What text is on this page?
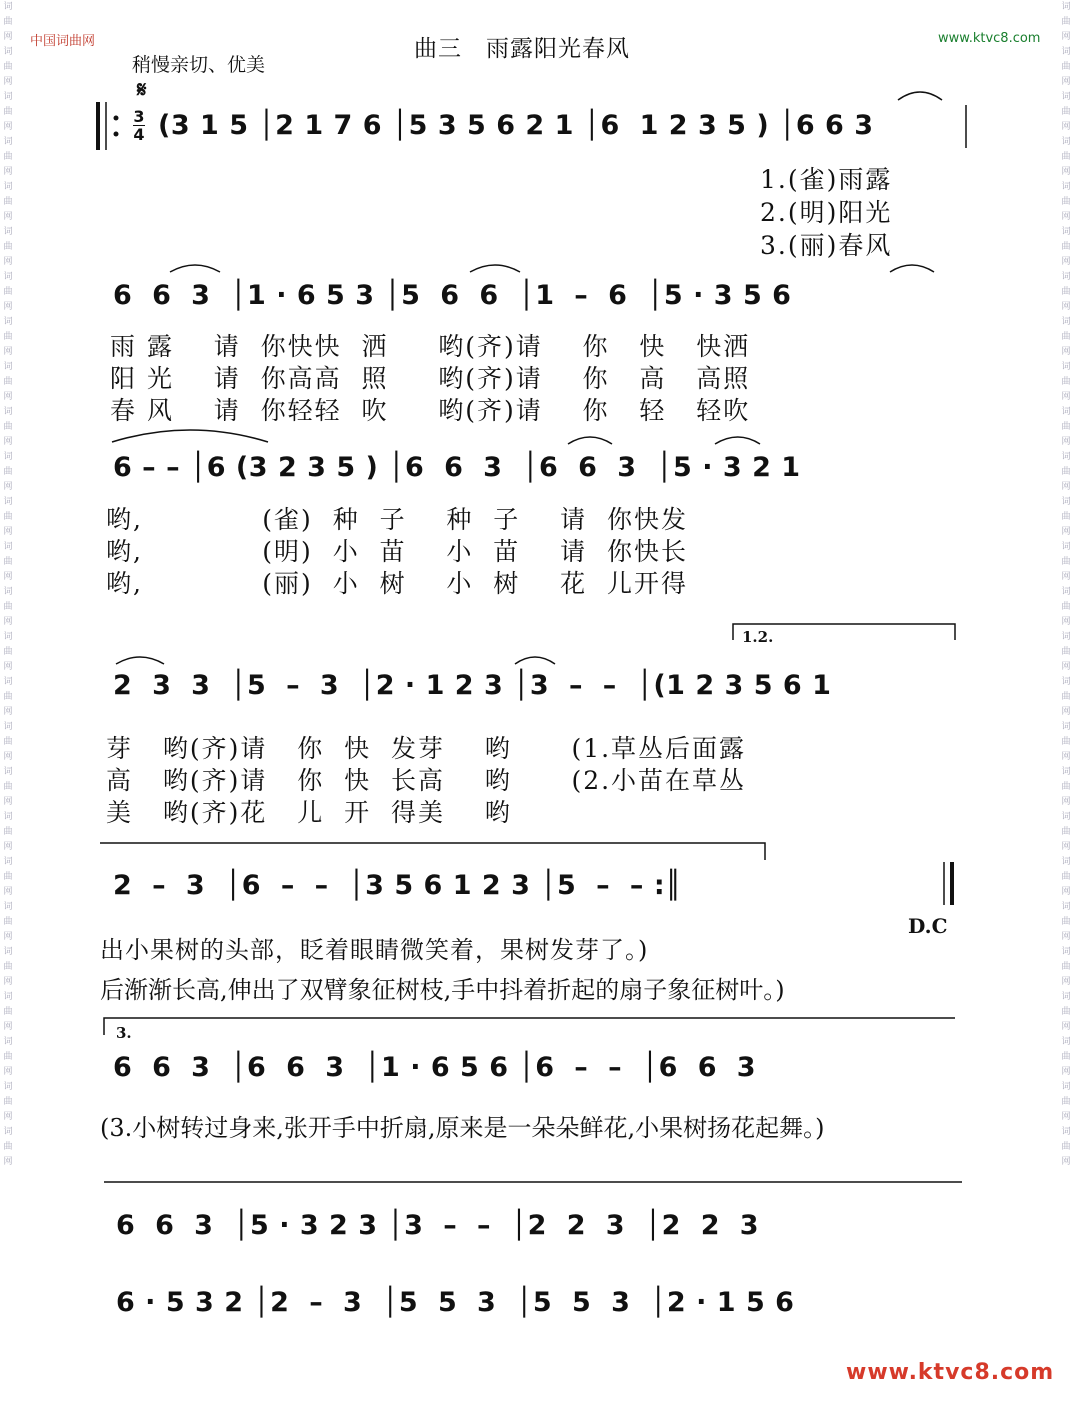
词曲网词曲网词曲网词曲网词曲网词曲网词曲网词曲网词曲网词曲网词曲网词曲网词曲网词曲网词曲网词曲网词曲网词曲网词曲网词曲网词曲网词曲网词曲网词曲网词曲网词曲网
词曲网词曲网词曲网词曲网词曲网词曲网词曲网词曲网词曲网词曲网词曲网词曲网词曲网词曲网词曲网词曲网词曲网词曲网词曲网词曲网词曲网词曲网词曲网词曲网词曲网词曲网
中国词曲网	www.ktvc8.com
曲三　雨露阳光春风
稍慢亲切、优美
𝄋
3
4 (3 1 5 │2 1 7 6 │5 3 5 6 2 1 │6  1 2 3 5 ) │6 6 3
1.(雀)雨露
2.(明)阳光
3.(丽)春风
6  6  3  │1 · 6 5 3 │5  6  6  │1  –  6  │5 · 3 5 6
雨 露    请  你快快  洒     哟(齐)请    你   快   快洒
阳 光    请  你高高  照     哟(齐)请    你   高   高照
春 风    请  你轻轻  吹     哟(齐)请    你   轻   轻吹
6 – – │6 (3 2 3 5 ) │6  6  3  │6  6  3  │5 · 3 2 1
哟,            (雀)  种  子    种  子    请  你快发
哟,            (明)  小  苗    小  苗    请  你快长
哟,            (丽)  小  树    小  树    花  儿开得
1.2.
2  3  3  │5  –  3  │2 · 1 2 3 │3  –  –  │(1 2 3 5 6 1
芽   哟(齐)请   你  快  发芽    哟      (1.草丛后面露
高   哟(齐)请   你  快  长高    哟      (2.小苗在草丛
美   哟(齐)花   儿  开  得美    哟
2  –  3  │6  –  –  │3 5 6 1 2 3 │5  –  – :║
D.C
出小果树的头部，眨着眼睛微笑着，果树发芽了。)
后渐渐长高,伸出了双臂象征树枝,手中抖着折起的扇子象征树叶。)
3.
6  6  3  │6  6  3  │1 · 6 5 6 │6  –  –  │6  6  3
(3.小树转过身来,张开手中折扇,原来是一朵朵鲜花,小果树扬花起舞。)
6  6  3  │5 · 3 2 3 │3  –  –  │2  2  3  │2  2  3
6 · 5 3 2 │2  –  3  │5  5  3  │5  5  3  │2 · 1 5 6
www.ktvc8.com
